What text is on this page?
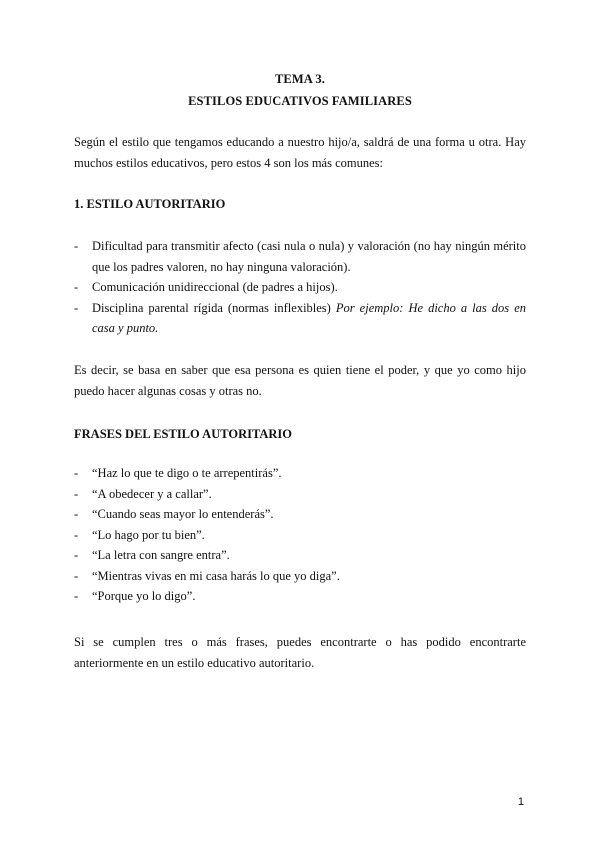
TEMA 3.
ESTILOS EDUCATIVOS FAMILIARES
Según el estilo que tengamos educando a nuestro hijo/a, saldrá de una forma u otra. Hay muchos estilos educativos, pero estos 4 son los más comunes:
1. ESTILO AUTORITARIO
-	Dificultad para transmitir afecto (casi nula o nula) y valoración (no hay ningún mérito que los padres valoren, no hay ninguna valoración).
-	Comunicación unidireccional (de padres a hijos).
-	Disciplina parental rígida (normas inflexibles) Por ejemplo: He dicho a las dos en casa y punto.
Es decir, se basa en saber que esa persona es quien tiene el poder, y que yo como hijo puedo hacer algunas cosas y otras no.
FRASES DEL ESTILO AUTORITARIO
-	“Haz lo que te digo o te arrepentirás”.
-	“A obedecer y a callar”.
-	“Cuando seas mayor lo entenderás”.
-	“Lo hago por tu bien”.
-	“La letra con sangre entra”.
-	“Mientras vivas en mi casa harás lo que yo diga”.
-	“Porque yo lo digo”.
Si se cumplen tres o más frases, puedes encontrarte o has podido encontrarte anteriormente en un estilo educativo autoritario.
1
